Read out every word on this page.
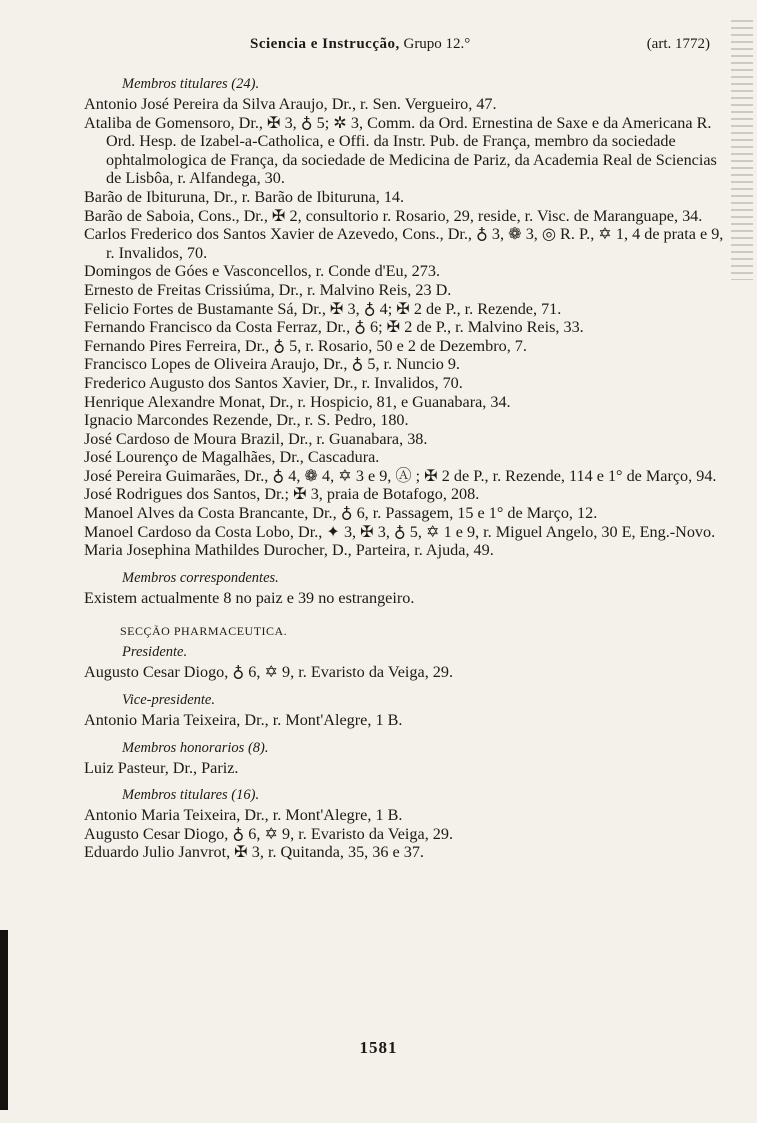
Sciencia e Instrucção, Grupo 12.°	(art. 1772)
Membros titulares (24).
Antonio José Pereira da Silva Araujo, Dr., r. Sen. Vergueiro, 47.
Ataliba de Gomensoro, Dr., ✠ 3, ♁ 5; ✲ 3, Comm. da Ord. Ernestina de Saxe e da Americana R. Ord. Hesp. de Izabel-a-Catholica, e Offi. da Instr. Pub. de França, membro da sociedade ophtalmologica de França, da sociedade de Medicina de Pariz, da Academia Real de Sciencias de Lisbôa, r. Alfandega, 30.
Barão de Ibituruna, Dr., r. Barão de Ibituruna, 14.
Barão de Saboia, Cons., Dr., ✠ 2, consultorio r. Rosario, 29, reside, r. Visc. de Maranguape, 34.
Carlos Frederico dos Santos Xavier de Azevedo, Cons., Dr., ♁ 3, ❁ 3, ◎ R. P., ✡ 1, 4 de prata e 9, r. Invalidos, 70.
Domingos de Góes e Vasconcellos, r. Conde d'Eu, 273.
Ernesto de Freitas Crissiúma, Dr., r. Malvino Reis, 23 D.
Felicio Fortes de Bustamante Sá, Dr., ✠ 3, ♁ 4; ✠ 2 de P., r. Rezende, 71.
Fernando Francisco da Costa Ferraz, Dr., ♁ 6; ✠ 2 de P., r. Malvino Reis, 33.
Fernando Pires Ferreira, Dr., ♁ 5, r. Rosario, 50 e 2 de Dezembro, 7.
Francisco Lopes de Oliveira Araujo, Dr., ♁ 5, r. Nuncio 9.
Frederico Augusto dos Santos Xavier, Dr., r. Invalidos, 70.
Henrique Alexandre Monat, Dr., r. Hospicio, 81, e Guanabara, 34.
Ignacio Marcondes Rezende, Dr., r. S. Pedro, 180.
José Cardoso de Moura Brazil, Dr., r. Guanabara, 38.
José Lourenço de Magalhães, Dr., Cascadura.
José Pereira Guimarães, Dr., ♁ 4, ❁ 4, ✡ 3 e 9, Ⓐ ; ✠ 2 de P., r. Rezende, 114 e 1° de Março, 94.
José Rodrigues dos Santos, Dr.; ✠ 3, praia de Botafogo, 208.
Manoel Alves da Costa Brancante, Dr., ♁ 6, r. Passagem, 15 e 1° de Março, 12.
Manoel Cardoso da Costa Lobo, Dr., ✦ 3, ✠ 3, ♁ 5, ✡ 1 e 9, r. Miguel Angelo, 30 E, Eng.-Novo.
Maria Josephina Mathildes Durocher, D., Parteira, r. Ajuda, 49.
Membros correspondentes.
Existem actualmente 8 no paiz e 39 no estrangeiro.
SECÇÃO PHARMACEUTICA.
Presidente.
Augusto Cesar Diogo, ♁ 6, ✡ 9, r. Evaristo da Veiga, 29.
Vice-presidente.
Antonio Maria Teixeira, Dr., r. Mont'Alegre, 1 B.
Membros honorarios (8).
Luiz Pasteur, Dr., Pariz.
Membros titulares (16).
Antonio Maria Teixeira, Dr., r. Mont'Alegre, 1 B.
Augusto Cesar Diogo, ♁ 6, ✡ 9, r. Evaristo da Veiga, 29.
Eduardo Julio Janvrot, ✠ 3, r. Quitanda, 35, 36 e 37.
1581
